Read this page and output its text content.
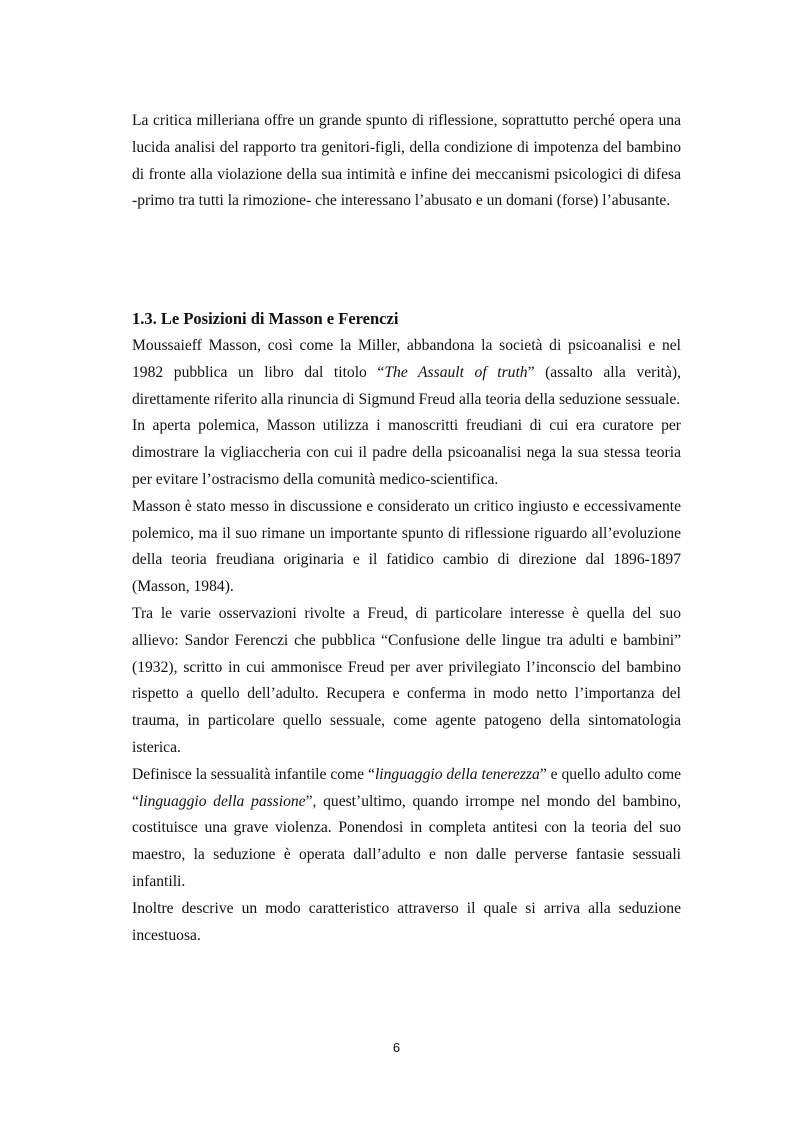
La critica milleriana offre un grande spunto di riflessione, soprattutto perché opera una lucida analisi del rapporto tra genitori-figli, della condizione di impotenza del bambino di fronte alla violazione della sua intimità e infine dei meccanismi psicologici di difesa -primo tra tutti la rimozione- che interessano l’abusato e un domani (forse) l’abusante.

1.3. Le Posizioni di Masson e Ferenczi

Moussaieff Masson, così come la Miller, abbandona la società di psicoanalisi e nel 1982 pubblica un libro dal titolo “The Assault of truth” (assalto alla verità), direttamente riferito alla rinuncia di Sigmund Freud alla teoria della seduzione sessuale.

In aperta polemica, Masson utilizza i manoscritti freudiani di cui era curatore per dimostrare la vigliaccheria con cui il padre della psicoanalisi nega la sua stessa teoria per evitare l’ostracismo della comunità medico-scientifica.

Masson è stato messo in discussione e considerato un critico ingiusto e eccessivamente polemico, ma il suo rimane un importante spunto di riflessione riguardo all’evoluzione della teoria freudiana originaria e il fatidico cambio di direzione dal 1896-1897 (Masson, 1984).

Tra le varie osservazioni rivolte a Freud, di particolare interesse è quella del suo allievo: Sandor Ferenczi che pubblica “Confusione delle lingue tra adulti e bambini” (1932), scritto in cui ammonisce Freud per aver privilegiato l’inconscio del bambino rispetto a quello dell’adulto. Recupera e conferma in modo netto l’importanza del trauma, in particolare quello sessuale, come agente patogeno della sintomatologia isterica.

Definisce la sessualità infantile come “linguaggio della tenerezza” e quello adulto come “linguaggio della passione”, quest’ultimo, quando irrompe nel mondo del bambino, costituisce una grave violenza. Ponendosi in completa antitesi con la teoria del suo maestro, la seduzione è operata dall’adulto e non dalle perverse fantasie sessuali infantili.

Inoltre descrive un modo caratteristico attraverso il quale si arriva alla seduzione incestuosa.

6
